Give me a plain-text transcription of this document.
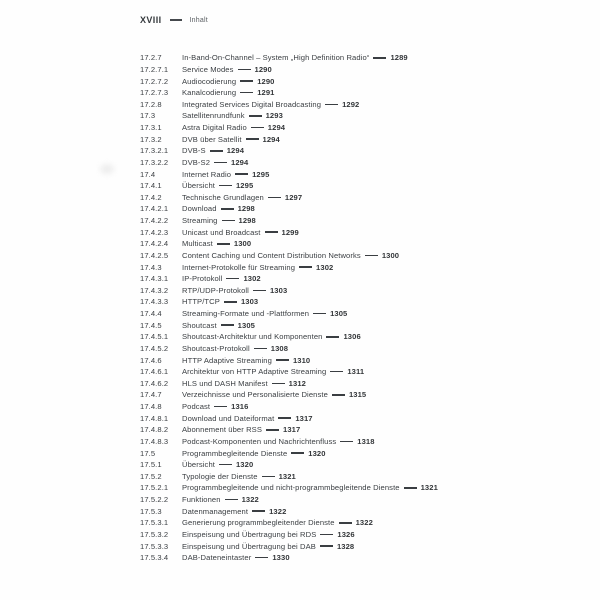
XVIII	Inhalt
17.2.7	In-Band-On-Channel – System „High Definition Radio“	1289
17.2.7.1	Service Modes	1290
17.2.7.2	Audiocodierung	1290
17.2.7.3	Kanalcodierung	1291
17.2.8	Integrated Services Digital Broadcasting	1292
17.3	Satellitenrundfunk	1293
17.3.1	Astra Digital Radio	1294
17.3.2	DVB über Satellit	1294
17.3.2.1	DVB-S	1294
17.3.2.2	DVB-S2	1294
17.4	Internet Radio	1295
17.4.1	Übersicht	1295
17.4.2	Technische Grundlagen	1297
17.4.2.1	Download	1298
17.4.2.2	Streaming	1298
17.4.2.3	Unicast und Broadcast	1299
17.4.2.4	Multicast	1300
17.4.2.5	Content Caching und Content Distribution Networks	1300
17.4.3	Internet-Protokolle für Streaming	1302
17.4.3.1	IP-Protokoll	1302
17.4.3.2	RTP/UDP-Protokoll	1303
17.4.3.3	HTTP/TCP	1303
17.4.4	Streaming-Formate und -Plattformen	1305
17.4.5	Shoutcast	1305
17.4.5.1	Shoutcast-Architektur und Komponenten	1306
17.4.5.2	Shoutcast-Protokoll	1308
17.4.6	HTTP Adaptive Streaming	1310
17.4.6.1	Architektur von HTTP Adaptive Streaming	1311
17.4.6.2	HLS und DASH Manifest	1312
17.4.7	Verzeichnisse und Personalisierte Dienste	1315
17.4.8	Podcast	1316
17.4.8.1	Download und Dateiformat	1317
17.4.8.2	Abonnement über RSS	1317
17.4.8.3	Podcast-Komponenten und Nachrichtenfluss	1318
17.5	Programmbegleitende Dienste	1320
17.5.1	Übersicht	1320
17.5.2	Typologie der Dienste	1321
17.5.2.1	Programmbegleitende und nicht-programmbegleitende Dienste	1321
17.5.2.2	Funktionen	1322
17.5.3	Datenmanagement	1322
17.5.3.1	Generierung programmbegleitender Dienste	1322
17.5.3.2	Einspeisung und Übertragung bei RDS	1326
17.5.3.3	Einspeisung und Übertragung bei DAB	1328
17.5.3.4	DAB-Dateneintaster	1330
